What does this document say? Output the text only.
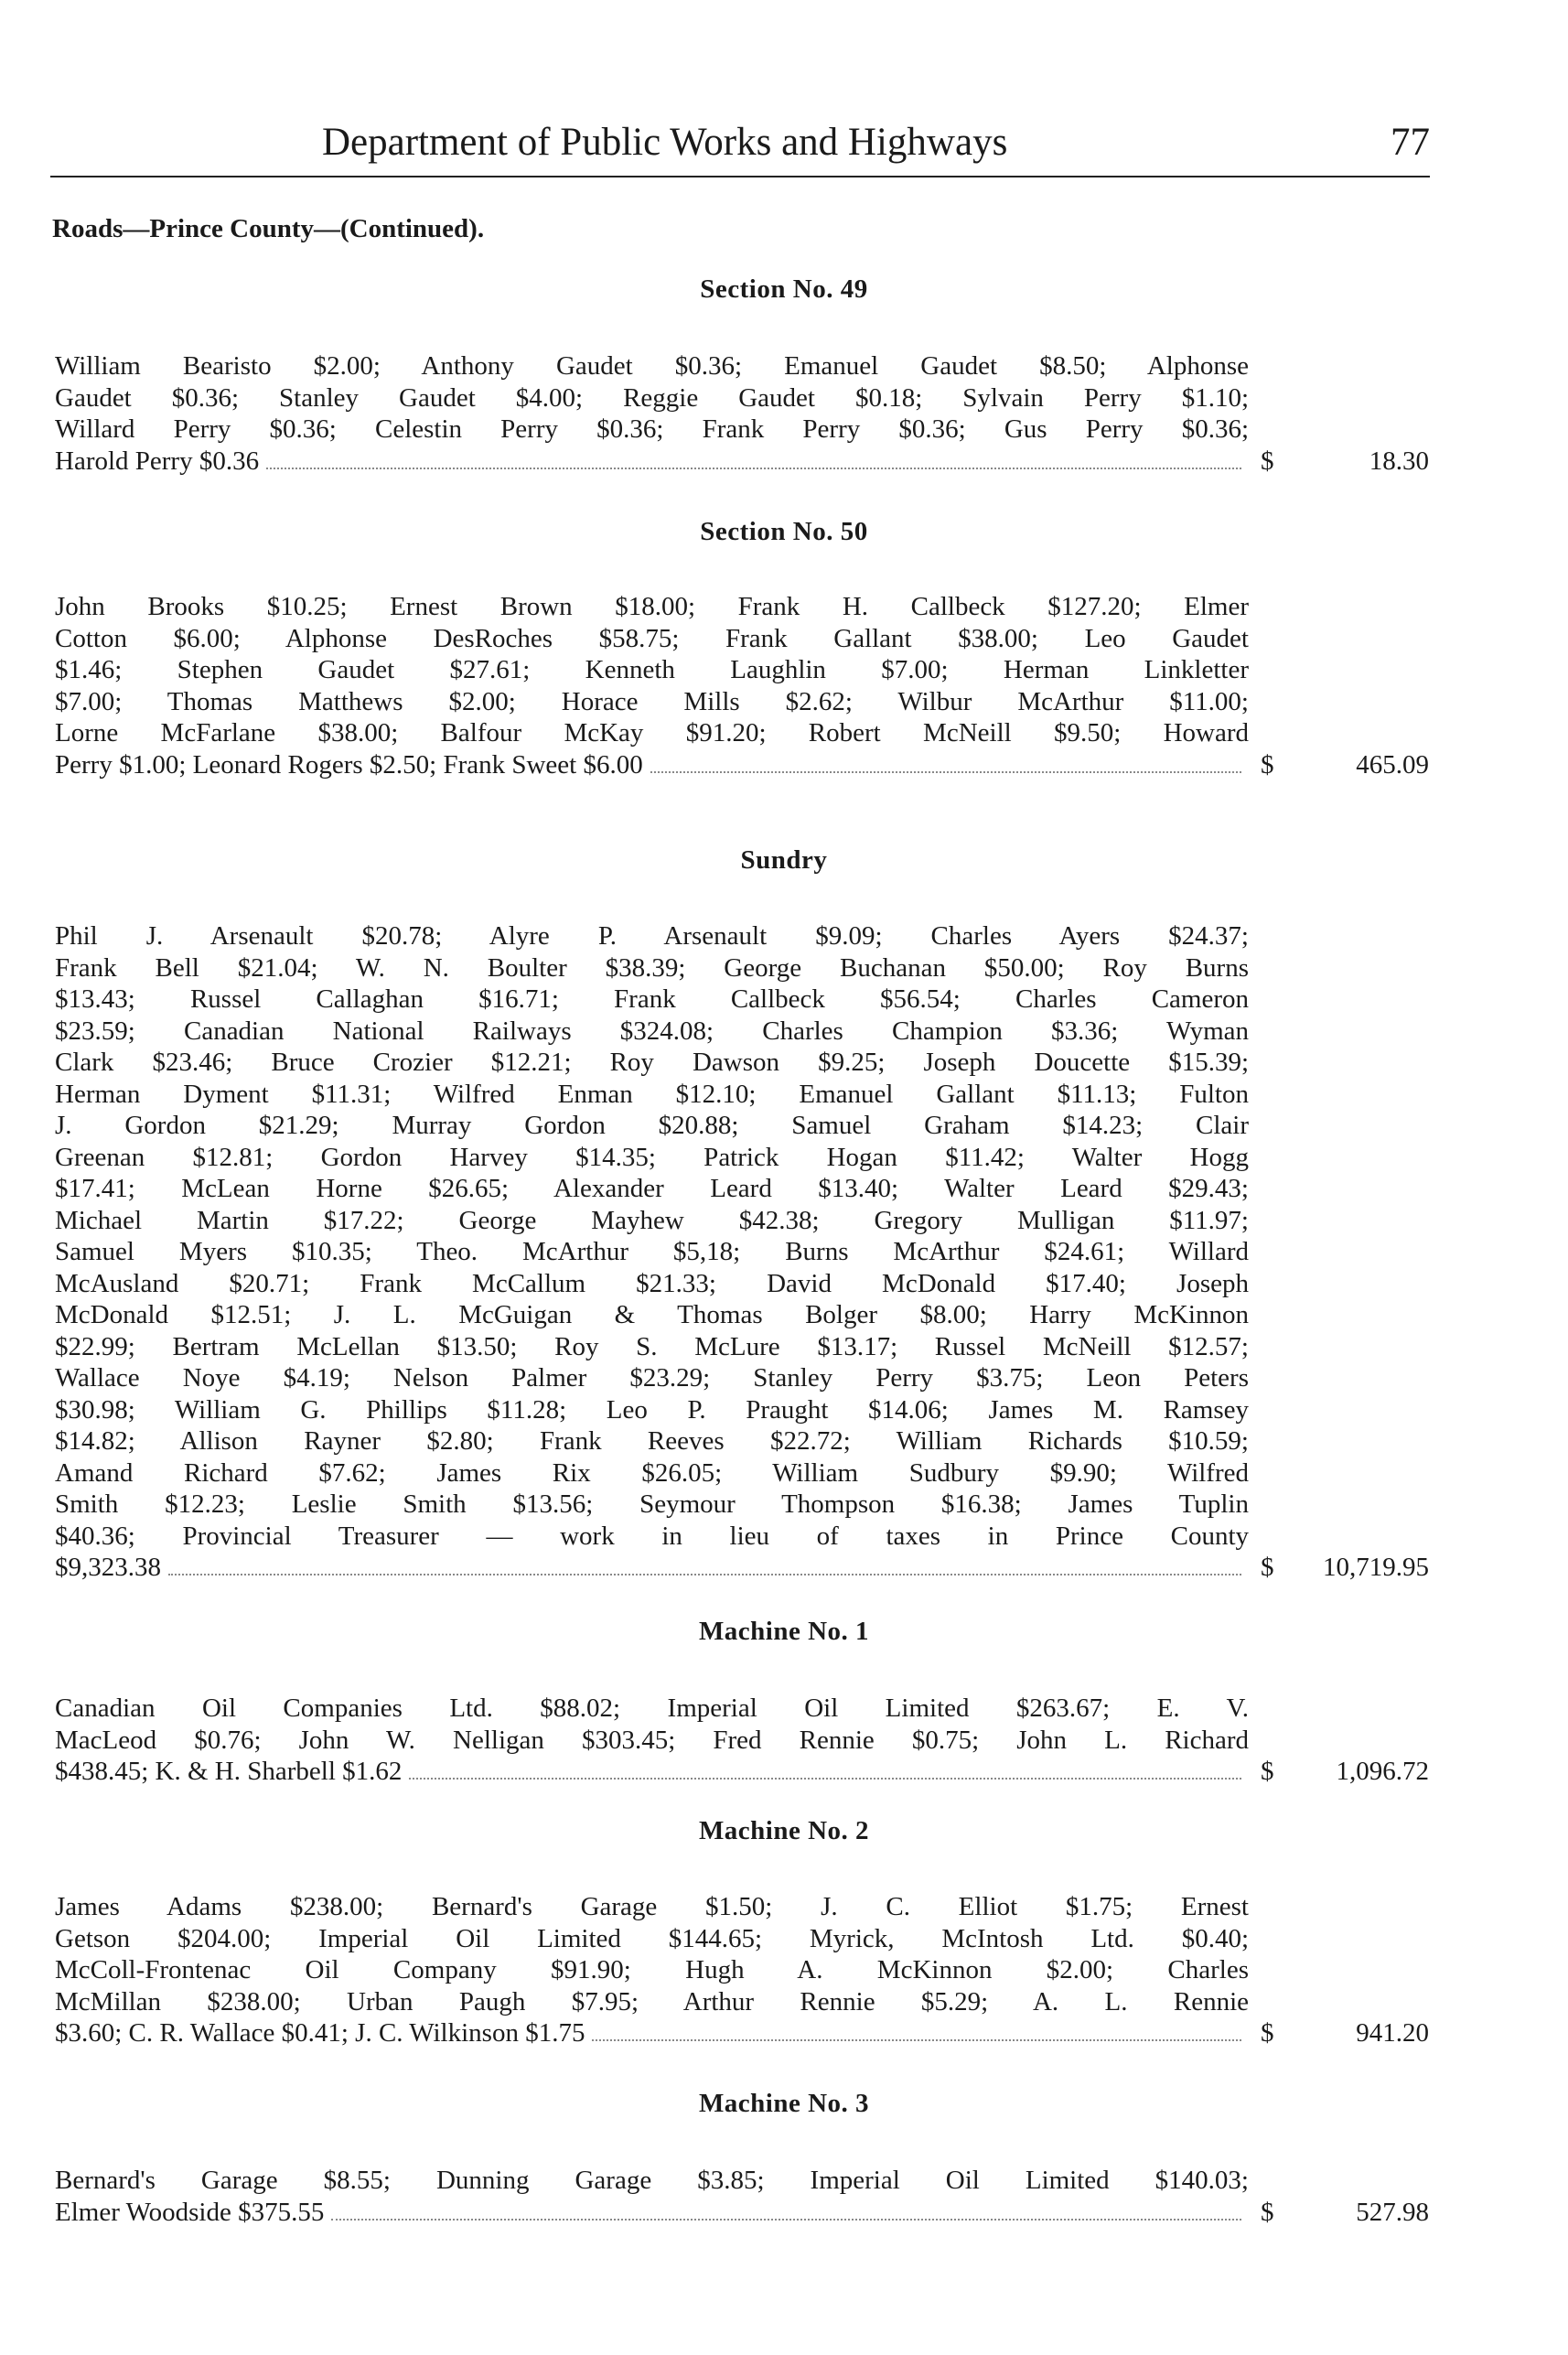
Department of Public Works and Highways	77
Roads—Prince County—(Continued).
Section No. 49
William Bearisto $2.00; Anthony Gaudet $0.36; Emanuel Gaudet $8.50; Alphonse
Gaudet $0.36; Stanley Gaudet $4.00; Reggie Gaudet $0.18; Sylvain Perry $1.10;
Willard Perry $0.36; Celestin Perry $0.36; Frank Perry $0.36; Gus Perry $0.36;
Harold Perry $0.36	$	18.30
Section No. 50
John Brooks $10.25; Ernest Brown $18.00; Frank H. Callbeck $127.20; Elmer
Cotton $6.00; Alphonse DesRoches $58.75; Frank Gallant $38.00; Leo Gaudet
$1.46; Stephen Gaudet $27.61; Kenneth Laughlin $7.00; Herman Linkletter
$7.00; Thomas Matthews $2.00; Horace Mills $2.62; Wilbur McArthur $11.00;
Lorne McFarlane $38.00; Balfour McKay $91.20; Robert McNeill $9.50; Howard
Perry $1.00; Leonard Rogers $2.50; Frank Sweet $6.00	$	465.09
Sundry
Phil J. Arsenault $20.78; Alyre P. Arsenault $9.09; Charles Ayers $24.37;
Frank Bell $21.04; W. N. Boulter $38.39; George Buchanan $50.00; Roy Burns
$13.43; Russel Callaghan $16.71; Frank Callbeck $56.54; Charles Cameron
$23.59; Canadian National Railways $324.08; Charles Champion $3.36; Wyman
Clark $23.46; Bruce Crozier $12.21; Roy Dawson $9.25; Joseph Doucette $15.39;
Herman Dyment $11.31; Wilfred Enman $12.10; Emanuel Gallant $11.13; Fulton
J. Gordon $21.29; Murray Gordon $20.88; Samuel Graham $14.23; Clair
Greenan $12.81; Gordon Harvey $14.35; Patrick Hogan $11.42; Walter Hogg
$17.41; McLean Horne $26.65; Alexander Leard $13.40; Walter Leard $29.43;
Michael Martin $17.22; George Mayhew $42.38; Gregory Mulligan $11.97;
Samuel Myers $10.35; Theo. McArthur $5,18; Burns McArthur $24.61; Willard
McAusland $20.71; Frank McCallum $21.33; David McDonald $17.40; Joseph
McDonald $12.51; J. L. McGuigan & Thomas Bolger $8.00; Harry McKinnon
$22.99; Bertram McLellan $13.50; Roy S. McLure $13.17; Russel McNeill $12.57;
Wallace Noye $4.19; Nelson Palmer $23.29; Stanley Perry $3.75; Leon Peters
$30.98; William G. Phillips $11.28; Leo P. Praught $14.06; James M. Ramsey
$14.82; Allison Rayner $2.80; Frank Reeves $22.72; William Richards $10.59;
Amand Richard $7.62; James Rix $26.05; William Sudbury $9.90; Wilfred
Smith $12.23; Leslie Smith $13.56; Seymour Thompson $16.38; James Tuplin
$40.36; Provincial Treasurer — work in lieu of taxes in Prince County
$9,323.38	$ 10,719.95
Machine No. 1
Canadian Oil Companies Ltd. $88.02; Imperial Oil Limited $263.67; E. V.
MacLeod $0.76; John W. Nelligan $303.45; Fred Rennie $0.75; John L. Richard
$438.45; K. & H. Sharbell $1.62	$ 1,096.72
Machine No. 2
James Adams $238.00; Bernard's Garage $1.50; J. C. Elliot $1.75; Ernest
Getson $204.00; Imperial Oil Limited $144.65; Myrick, McIntosh Ltd. $0.40;
McColl-Frontenac Oil Company $91.90; Hugh A. McKinnon $2.00; Charles
McMillan $238.00; Urban Paugh $7.95; Arthur Rennie $5.29; A. L. Rennie
$3.60; C. R. Wallace $0.41; J. C. Wilkinson $1.75	$	941.20
Machine No. 3
Bernard's Garage $8.55; Dunning Garage $3.85; Imperial Oil Limited $140.03;
Elmer Woodside $375.55	$	527.98
